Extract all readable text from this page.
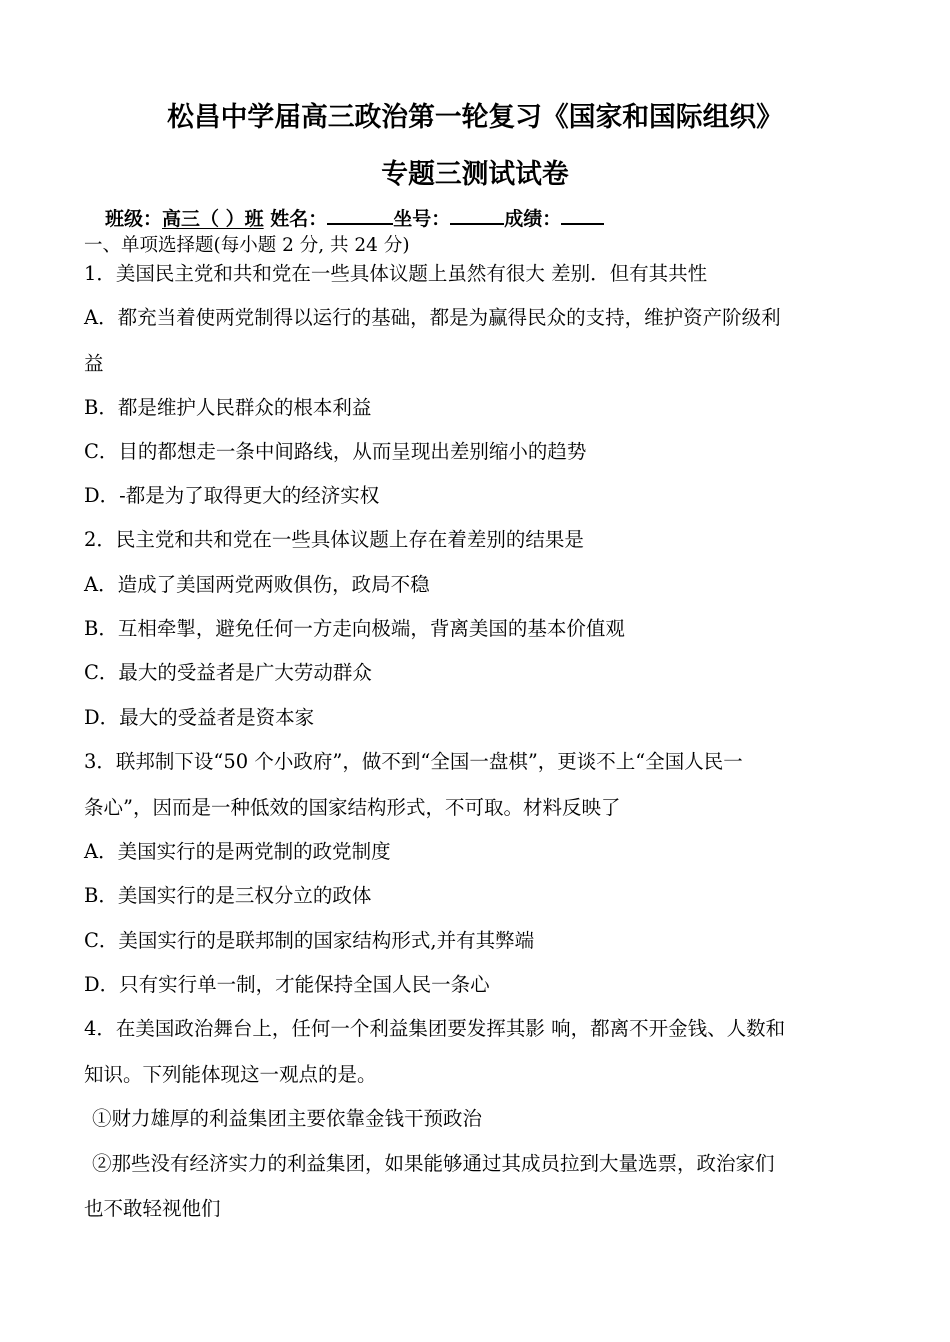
松昌中学届高三政治第一轮复习《国家和国际组织》
专题三测试试卷
班级：高三（ ）班 姓名：	坐号：	成绩：
一、单项选择题(每小题 2 分, 共 24 分)
1．美国民主党和共和党在一些具体议题上虽然有很大 差别．但有其共性
A．都充当着使两党制得以运行的基础，都是为赢得民众的支持，维护资产阶级利
益
B．都是维护人民群众的根本利益
C．目的都想走一条中间路线，从而呈现出差别缩小的趋势
D．-都是为了取得更大的经济实权
2．民主党和共和党在一些具体议题上存在着差别的结果是
A．造成了美国两党两败俱伤，政局不稳
B．互相牵掣，避免任何一方走向极端，背离美国的基本价值观
C．最大的受益者是广大劳动群众
D．最大的受益者是资本家
3．联邦制下设“50 个小政府”，做不到“全国一盘棋”，更谈不上“全国人民一
条心”，因而是一种低效的国家结构形式，不可取。材料反映了
A．美国实行的是两党制的政党制度
B．美国实行的是三权分立的政体
C．美国实行的是联邦制的国家结构形式,并有其弊端
D．只有实行单一制，才能保持全国人民一条心
4．在美国政治舞台上，任何一个利益集团要发挥其影 响，都离不开金钱、人数和
知识。下列能体现这一观点的是。
①财力雄厚的利益集团主要依靠金钱干预政治
②那些没有经济实力的利益集团，如果能够通过其成员拉到大量选票，政治家们
也不敢轻视他们
